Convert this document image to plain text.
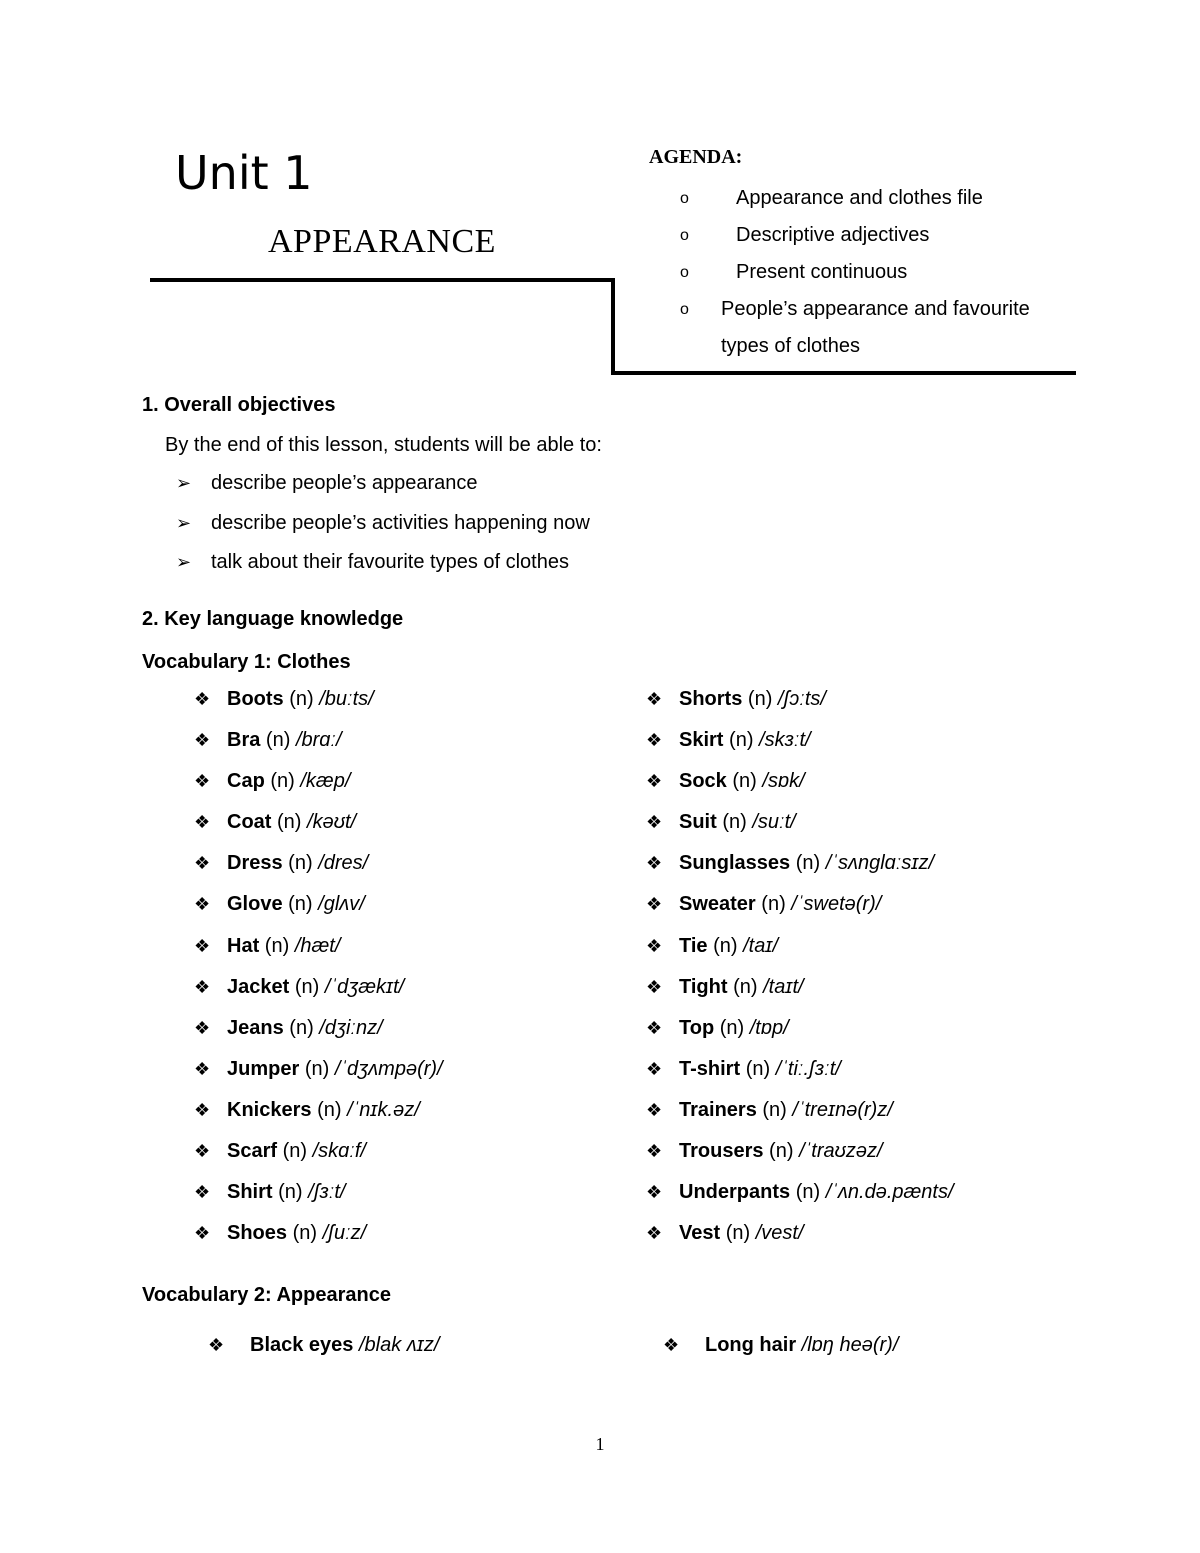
Unit 1
APPEARANCE
AGENDA:
o	Appearance and clothes file
o	Descriptive adjectives
o	Present continuous
o	People’s appearance and favourite types of clothes
1. Overall objectives
By the end of this lesson, students will be able to:
➢ describe people’s appearance
➢ describe people’s activities happening now
➢ talk about their favourite types of clothes
2. Key language knowledge
Vocabulary 1: Clothes
❖ Boots (n) /buːts/
❖ Bra (n) /brɑː/
❖ Cap (n) /kæp/
❖ Coat (n) /kəʊt/
❖ Dress (n) /dres/
❖ Glove (n) /ɡlʌv/
❖ Hat (n) /hæt/
❖ Jacket (n) /ˈdʒækɪt/
❖ Jeans (n) /dʒiːnz/
❖ Jumper (n) /ˈdʒʌmpə(r)/
❖ Knickers (n) /ˈnɪk.əz/
❖ Scarf (n) /skɑːf/
❖ Shirt (n) /ʃɜːt/
❖ Shoes (n) /ʃuːz/
❖ Shorts (n) /ʃɔːts/
❖ Skirt (n) /skɜːt/
❖ Sock (n) /sɒk/
❖ Suit (n) /suːt/
❖ Sunglasses (n) /ˈsʌnɡlɑːsɪz/
❖ Sweater (n) /ˈswetə(r)/
❖ Tie (n) /taɪ/
❖ Tight (n) /taɪt/
❖ Top (n) /tɒp/
❖ T-shirt (n) /ˈtiː.ʃɜːt/
❖ Trainers (n) /ˈtreɪnə(r)z/
❖ Trousers (n) /ˈtraʊzəz/
❖ Underpants (n) /ˈʌn.də.pænts/
❖ Vest (n) /vest/
Vocabulary 2: Appearance
❖ Black eyes /blak ʌɪz/	❖ Long hair /lɒŋ heə(r)/
1
